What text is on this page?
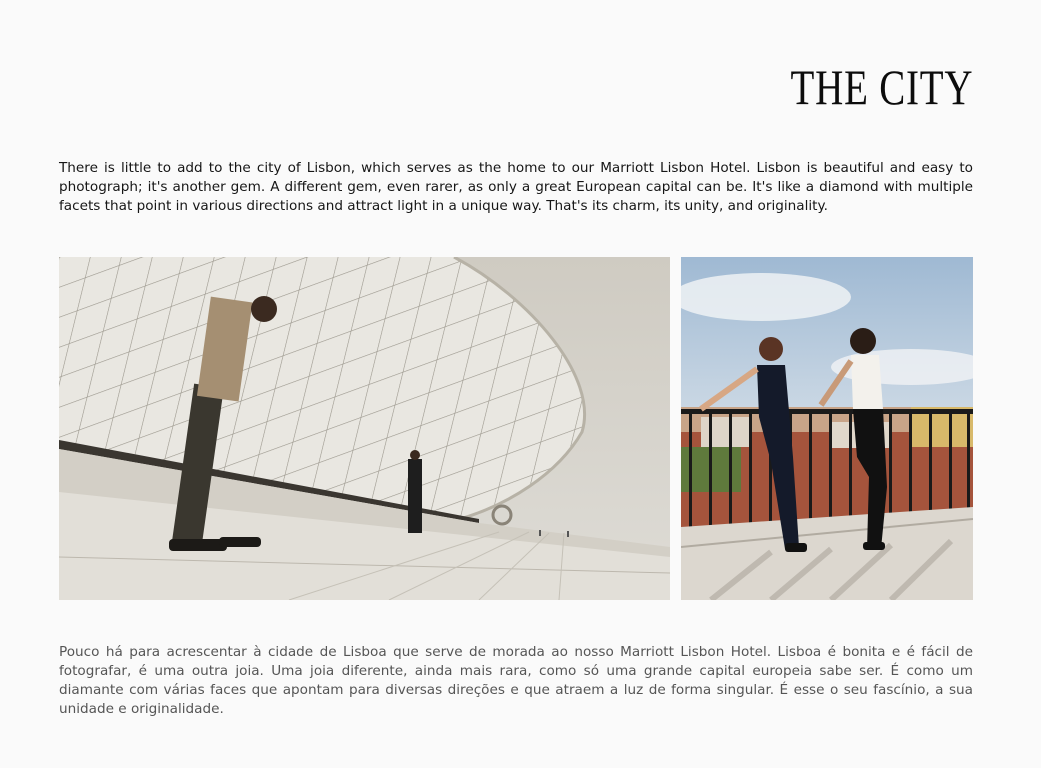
THE CITY

There is little to add to the city of Lisbon, which serves as the home to our Marriott Lisbon Hotel. Lisbon is beautiful and easy to photograph; it's another gem. A different gem, even rarer, as only a great European capital can be. It's like a diamond with multiple facets that point in various directions and attract light in a unique way. That's its charm, its unity, and originality.

Pouco há para acrescentar à cidade de Lisboa que serve de morada ao nosso Marriott Lisbon Hotel. Lisboa é bonita e é fácil de fotografar, é uma outra joia. Uma joia diferente, ainda mais rara, como só uma grande capital europeia sabe ser. É como um diamante com várias faces que apontam para diversas direções e que atraem a luz de forma singular. É esse o seu fascínio, a sua unidade e originalidade.
